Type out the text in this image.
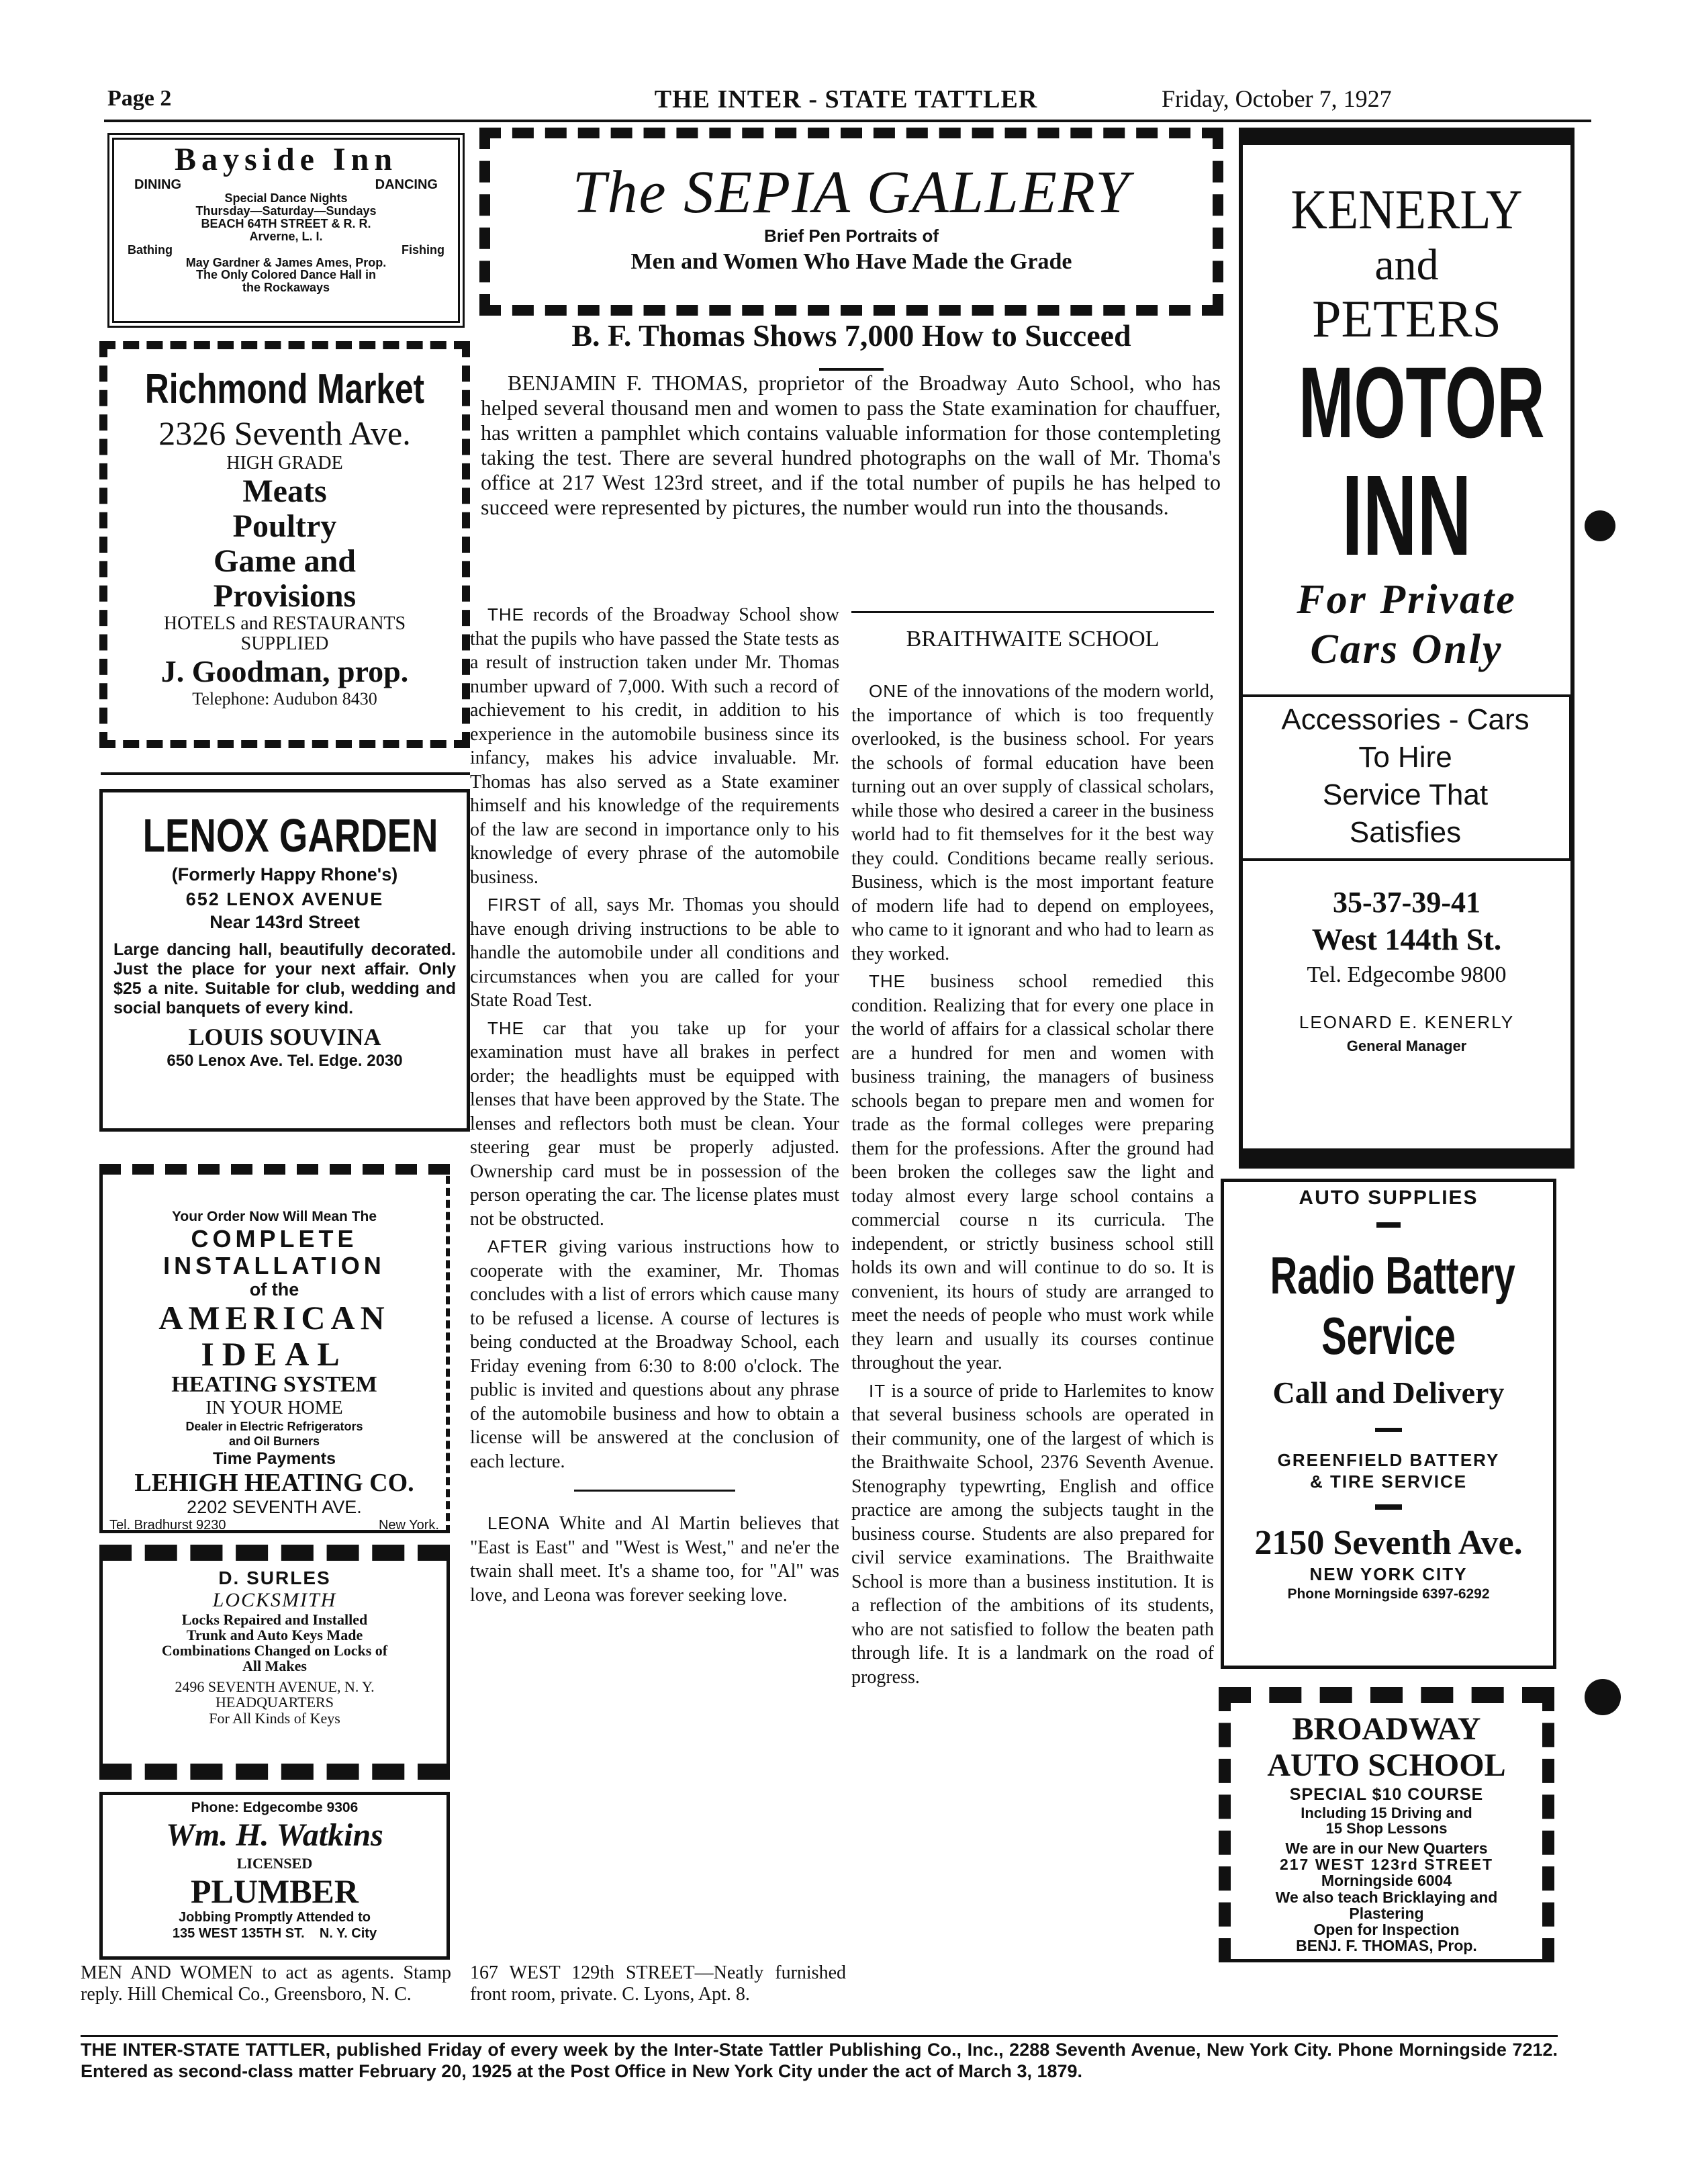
Page 2	THE INTER - STATE TATTLER	Friday, October 7, 1927
Bayside Inn
DINING	DANCING
Special Dance Nights
Thursday—Saturday—Sundays
BEACH 64TH STREET & R. R.
Arverne, L. I.
Bathing	Fishing
May Gardner & James Ames, Prop.
The Only Colored Dance Hall in
the Rockaways
Richmond Market
2326 Seventh Ave.
HIGH GRADE
Meats
Poultry
Game and
Provisions
HOTELS and RESTAURANTS
SUPPLIED
J. Goodman, prop.
Telephone: Audubon 8430
LENOX GARDEN
(Formerly Happy Rhone's)
652 LENOX AVENUE
Near 143rd Street
Large dancing hall, beautifully decorated. Just the place for your next affair. Only $25 a nite. Suitable for club, wedding and social banquets of every kind.
LOUIS SOUVINA
650 Lenox Ave. Tel. Edge. 2030
Your Order Now Will Mean The
COMPLETE
INSTALLATION
of the
AMERICAN
IDEAL
HEATING SYSTEM
IN YOUR HOME
Dealer in Electric Refrigerators
and Oil Burners
Time Payments
LEHIGH HEATING CO.
2202 SEVENTH AVE.
Tel. Bradhurst 9230	New York.
D. SURLES
LOCKSMITH
Locks Repaired and Installed
Trunk and Auto Keys Made
Combinations Changed on Locks of
All Makes
2496 SEVENTH AVENUE, N. Y.
HEADQUARTERS
For All Kinds of Keys
Phone: Edgecombe 9306
Wm. H. Watkins
LICENSED
PLUMBER
Jobbing Promptly Attended to
135 WEST 135TH ST.    N. Y. City
MEN AND WOMEN to act as agents. Stamp reply. Hill Chemical Co., Greensboro, N. C.
The SEPIA GALLERY
Brief Pen Portraits of
Men and Women Who Have Made the Grade
B. F. Thomas Shows 7,000 How to Succeed

BENJAMIN F. THOMAS, proprietor of the Broadway Auto School, who has helped several thousand men and women to pass the State examination for chauffuer, has written a pamphlet which contains valuable information for those contempleting taking the test. There are several hundred photographs on the wall of Mr. Thoma's office at 217 West 123rd street, and if the total number of pupils he has helped to succeed were represented by pictures, the number would run into the thousands.

THE records of the Broadway School show that the pupils who have passed the State tests as a result of instruction taken under Mr. Thomas number upward of 7,000. With such a record of achievement to his credit, in addition to his experience in the automobile business since its infancy, makes his advice invaluable. Mr. Thomas has also served as a State examiner himself and his knowledge of the requirements of the law are second in importance only to his knowledge of every phrase of the automobile business.

FIRST of all, says Mr. Thomas you should have enough driving instructions to be able to handle the automobile under all conditions and circumstances when you are called for your State Road Test.

THE car that you take up for your examination must have all brakes in perfect order; the headlights must be equipped with lenses that have been approved by the State. The lenses and reflectors both must be clean. Your steering gear must be properly adjusted. Ownership card must be in possession of the person operating the car. The license plates must not be obstructed.

AFTER giving various instructions how to cooperate with the examiner, Mr. Thomas concludes with a list of errors which cause many to be refused a license. A course of lectures is being conducted at the Broadway School, each Friday evening from 6:30 to 8:00 o'clock. The public is invited and questions about any phrase of the automobile business and how to obtain a license will be answered at the conclusion of each lecture.

LEONA White and Al Martin believes that "East is East" and "West is West," and ne'er the twain shall meet. It's a shame too, for "Al" was love, and Leona was forever seeking love.

BRAITHWAITE SCHOOL

ONE of the innovations of the modern world, the importance of which is too frequently overlooked, is the business school. For years the schools of formal education have been turning out an over supply of classical scholars, while those who desired a career in the business world had to fit themselves for it the best way they could. Conditions became really serious. Business, which is the most important feature of modern life had to depend on employees, who came to it ignorant and who had to learn as they worked.

THE business school remedied this condition. Realizing that for every one place in the world of affairs for a classical scholar there are a hundred for men and women with business training, the managers of business schools began to prepare men and women for trade as the formal colleges were preparing them for the professions. After the ground had been broken the colleges saw the light and today almost every large school contains a commercial course n its curricula. The independent, or strictly business school still holds its own and will continue to do so. It is convenient, its hours of study are arranged to meet the needs of people who must work while they learn and usually its courses continue throughout the year.

IT is a source of pride to Harlemites to know that several business schools are operated in their community, one of the largest of which is the Braithwaite School, 2376 Seventh Avenue. Stenography typewrting, English and office practice are among the subjects taught in the business course. Students are also prepared for civil service examinations. The Braithwaite School is more than a business institution. It is a reflection of the ambitions of its students, who are not satisfied to follow the beaten path through life. It is a landmark on the road of progress.

167 WEST 129th STREET—Neatly furnished front room, private. C. Lyons, Apt. 8.
KENERLY
and
PETERS
MOTOR
INN
For Private
Cars Only
Accessories - Cars
To Hire
Service That
Satisfies
35-37-39-41
West 144th St.
Tel. Edgecombe 9800
LEONARD E. KENERLY
General Manager
AUTO SUPPLIES
Radio Battery
Service
Call and Delivery
GREENFIELD BATTERY
& TIRE SERVICE
2150 Seventh Ave.
NEW YORK CITY
Phone Morningside 6397-6292
BROADWAY
AUTO SCHOOL
SPECIAL $10 COURSE
Including 15 Driving and
15 Shop Lessons
We are in our New Quarters
217 WEST 123rd STREET
Morningside 6004
We also teach Bricklaying and
Plastering
Open for Inspection
BENJ. F. THOMAS, Prop.
THE INTER-STATE TATTLER, published Friday of every week by the Inter-State Tattler Publishing Co., Inc., 2288 Seventh Avenue, New York City. Phone Morningside 7212. Entered as second-class matter February 20, 1925 at the Post Office in New York City under the act of March 3, 1879.
